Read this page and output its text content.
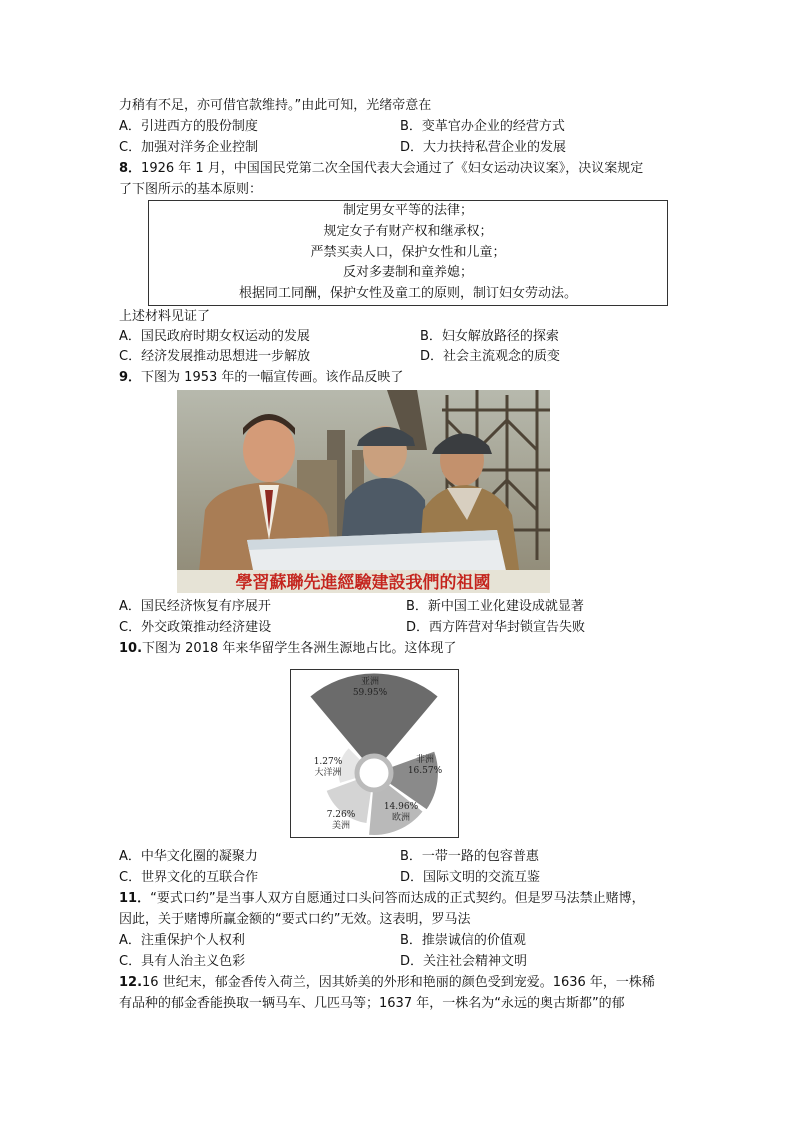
力稍有不足，亦可借官款维持。”由此可知，光绪帝意在
A．引进西方的股份制度	B．变革官办企业的经营方式
C．加强对洋务企业控制	D．大力扶持私营企业的发展
8．1926 年 1 月，中国国民党第二次全国代表大会通过了《妇女运动决议案》，决议案规定
了下图所示的基本原则：
制定男女平等的法律；
规定女子有财产权和继承权；
严禁买卖人口，保护女性和儿童；
反对多妻制和童养媳；
根据同工同酬，保护女性及童工的原则，制订妇女劳动法。
上述材料见证了
A．国民政府时期女权运动的发展	B．妇女解放路径的探索
C．经济发展推动思想进一步解放	D．社会主流观念的质变
9．下图为 1953 年的一幅宣传画。该作品反映了
學習蘇聯先進經驗建設我們的祖國
A．国民经济恢复有序展开	B．新中国工业化建设成就显著
C．外交政策推动经济建设	D．西方阵营对华封锁宣告失败
10.下图为 2018 年来华留学生各洲生源地占比。这体现了
亚洲
59.95%
非洲
16.57%
欧洲
14.96%
美洲
7.26%
大洋洲
1.27%
A．中华文化圈的凝聚力	B．一带一路的包容普惠
C．世界文化的互联合作	D．国际文明的交流互鉴
11．“要式口约”是当事人双方自愿通过口头问答而达成的正式契约。但是罗马法禁止赌博，
因此，关于赌博所赢金额的“要式口约”无效。这表明，罗马法
A．注重保护个人权利	B．推崇诚信的价值观
C．具有人治主义色彩	D．关注社会精神文明
12.16 世纪末，郁金香传入荷兰，因其娇美的外形和艳丽的颜色受到宠爱。1636 年，一株稀
有品种的郁金香能换取一辆马车、几匹马等；1637 年，一株名为“永远的奥古斯都”的郁
